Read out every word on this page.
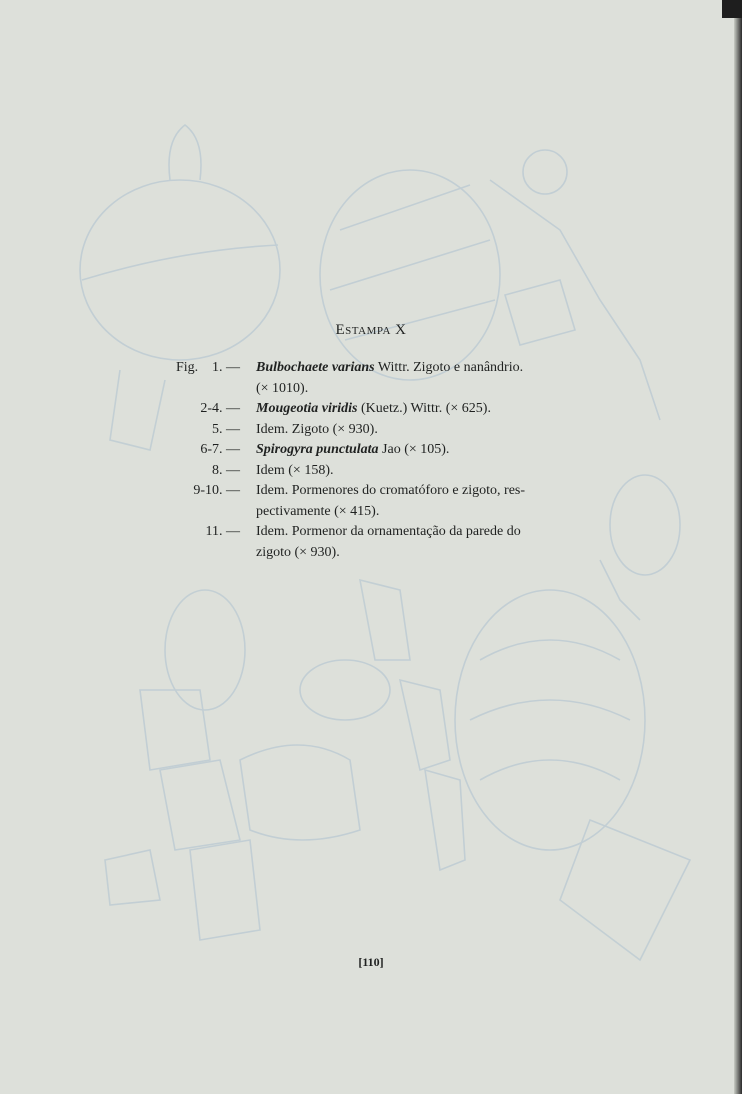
Estampa X
Fig. 1. — Bulbochaete varians Wittr. Zigoto e nanândrio.
(× 1010).
2-4. — Mougeotia viridis (Kuetz.) Wittr. (× 625).
5. — Idem. Zigoto (× 930).
6-7. — Spirogyra punctulata Jao (× 105).
8. — Idem (× 158).
9-10. — Idem. Pormenores do cromatóforo e zigoto, res-
pectivamente (× 415).
11. — Idem. Pormenor da ornamentação da parede do
zigoto (× 930).
[110]
